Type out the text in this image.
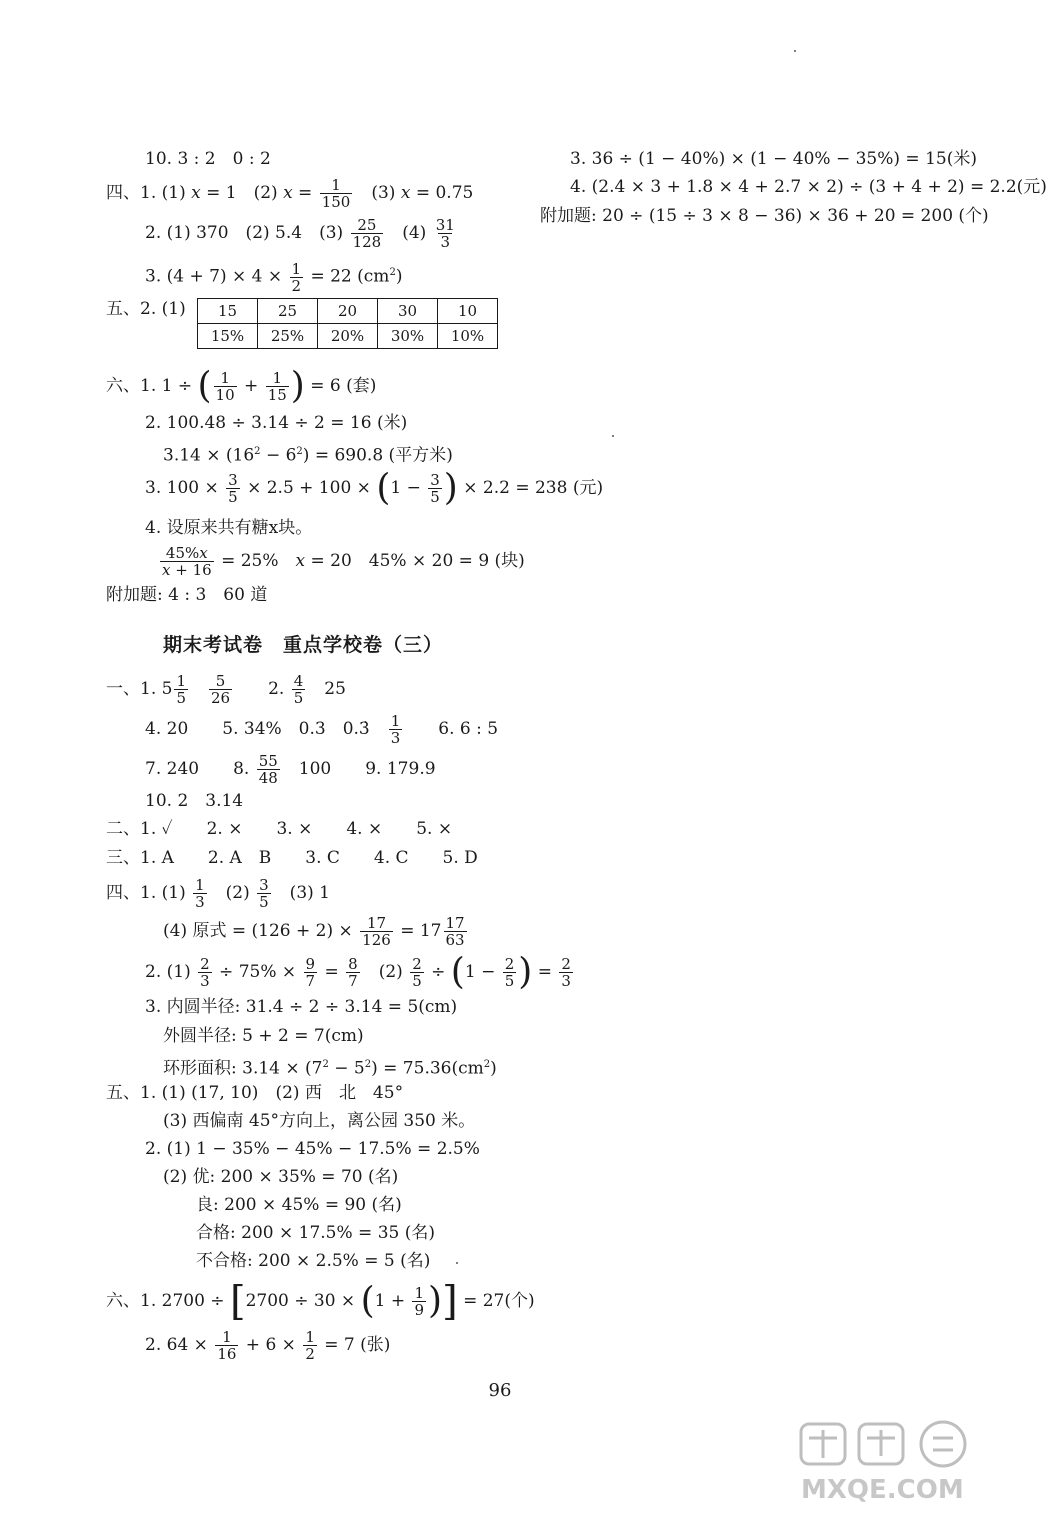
10. 3 : 2　0 : 2
四、1. (1) x = 1　(2) $x = \frac{1}{150}$ 　(3) x = 0.75
2. (1) 370　(2) 5.4　$(3) \frac{25}{128}$ 　$(4) \frac{31}{3}$
3. $(4 + 7) \times 4 \times \frac{1}{2} = 22$ $(cm^2)$
五、2. (1) 15	25	20	30	10
15%	25%	20%	30%	10%
六、1. 1 ÷ ( $\frac{1}{10} + \frac{1}{15}$ ) = 6 (套)
2. 100.48 ÷ 3.14 ÷ 2 = 16 (米)
$3.14 \times (16^2 - 6^2) = 690.8$ (平方米)
3. $100 \times \frac{3}{5} \times 2.5 + 100 \times (1 - \frac{3}{5}$ ) × 2.2 = 238 (元)
4. 设原来共有糖x块。
$\frac{45\%x}{x + 16} = 25\%$　x = 20　45% × 20 = 9 (块)
附加题: 4 : 3　60 道
期末考试卷　重点学校卷（三）
一、1. $5 \frac{1}{5}$
　 $\frac{5}{26}$ 　　2. $\frac{4}{5}$ 　25
4. 20　　5. 34%　0.3　0.3̇　 $\frac{1}{3}$ 　　6. 6 : 5
7. 240　　8. $\frac{55}{48}$ 　100　　9. 179.9
10. 2　3.14
二、1. ✓　　2. ×　　3. ×　　4. ×　　5. ×
三、1. A　　2. A　B　　3. C　　4. C　　5. D
四、1. $(1) \frac{1}{3}$ 　$(2) \frac{3}{5}$ 　(3) 1
(4) 原式 = $(126 + 2) \times \frac{17}{126} = 17 \frac{17}{63}$
2. $(1) \frac{2}{3} \div 75\% \times \frac{9}{7} = \frac{8}{7}$ 　$(2) \frac{2}{5} \div (1 - \frac{2}{5}$ ) = $\frac{2}{3}$
3. 内圆半径: 31.4 ÷ 2 ÷ 3.14 = 5(cm)
外圆半径: 5 + 2 = 7(cm)
环形面积: $3.14 \times (7^2 - 5^2) = 75.36(cm^2)$
五、1. (1) (17, 10)　(2) 西　 北　45°
(3) 西偏南 45°方向上，离公园 350 米。
2. (1) 1 − 35% − 45% − 17.5% = 2.5%
(2) 优: 200 × 35% = 70 (名)
良: 200 × 45% = 90 (名)
合格: 200 × 17.5% = 35 (名)
不合格: 200 × 2.5% = 5 (名)
六、1. $2700 \div [2700 \div 30 \times (1 + \frac{1}{9}$ )] = 27(个)
2. $64 \times \frac{1}{16} + 6 \times \frac{1}{2} = 7$ (张)
3. 36 ÷ (1 − 40%) × (1 − 40% − 35%) = 15(米)
4. (2.4 × 3 + 1.8 × 4 + 2.7 × 2) ÷ (3 + 4 + 2) = 2.2(元)
附加题: 20 ÷ (15 ÷ 3 × 8 − 36) × 36 + 20 = 200 (个)
96
MXQE.COM
